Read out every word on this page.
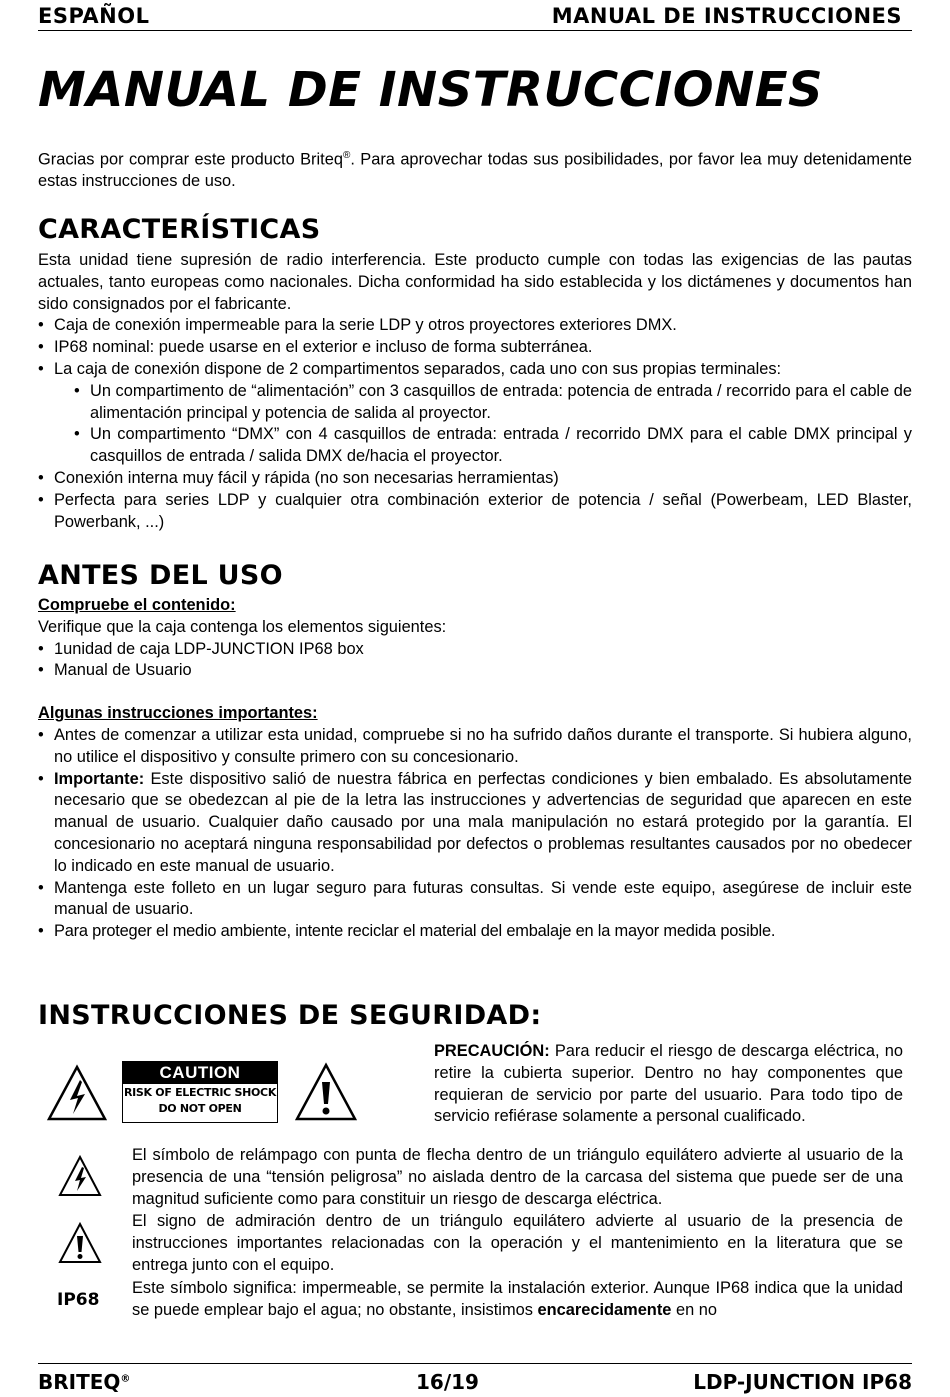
ESPAÑOL	MANUAL DE INSTRUCCIONES
MANUAL DE INSTRUCCIONES
Gracias por comprar este producto Briteq®. Para aprovechar todas sus posibilidades, por favor lea muy detenidamente estas instrucciones de uso.
CARACTERÍSTICAS
Esta unidad tiene supresión de radio interferencia. Este producto cumple con todas las exigencias de las pautas actuales, tanto europeas como nacionales. Dicha conformidad ha sido establecida y los dictámenes y documentos han sido consignados por el fabricante.
• Caja de conexión impermeable para la serie LDP y otros proyectores exteriores DMX.
• IP68 nominal: puede usarse en el exterior e incluso de forma subterránea.
• La caja de conexión dispone de 2 compartimentos separados, cada uno con sus propias terminales:
• Un compartimento de “alimentación” con 3 casquillos de entrada: potencia de entrada / recorrido para el cable de alimentación principal y potencia de salida al proyector.
• Un compartimento “DMX” con 4 casquillos de entrada: entrada / recorrido DMX para el cable DMX principal y casquillos de entrada / salida DMX de/hacia el proyector.
• Conexión interna muy fácil y rápida (no son necesarias herramientas)
• Perfecta para series LDP y cualquier otra combinación exterior de potencia / señal (Powerbeam, LED Blaster, Powerbank, ...)
ANTES DEL USO
Compruebe el contenido:
Verifique que la caja contenga los elementos siguientes:
• 1unidad de caja LDP-JUNCTION IP68 box
• Manual de Usuario
Algunas instrucciones importantes:
• Antes de comenzar a utilizar esta unidad, compruebe si no ha sufrido daños durante el transporte. Si hubiera alguno, no utilice el dispositivo y consulte primero con su concesionario.
• Importante: Este dispositivo salió de nuestra fábrica en perfectas condiciones y bien embalado. Es absolutamente necesario que se obedezcan al pie de la letra las instrucciones y advertencias de seguridad que aparecen en este manual de usuario. Cualquier daño causado por una mala manipulación no estará protegido por la garantía. El concesionario no aceptará ninguna responsabilidad por defectos o problemas resultantes causados por no obedecer lo indicado en este manual de usuario.
• Mantenga este folleto en un lugar seguro para futuras consultas. Si vende este equipo, asegúrese de incluir este manual de usuario.
• Para proteger el medio ambiente, intente reciclar el material del embalaje en la mayor medida posible.
INSTRUCCIONES DE SEGURIDAD:
CAUTION
RISK OF ELECTRIC SHOCK
DO NOT OPEN
PRECAUCIÓN: Para reducir el riesgo de descarga eléctrica, no retire la cubierta superior. Dentro no hay componentes que requieran de servicio por parte del usuario. Para todo tipo de servicio refiérase solamente a personal cualificado.
El símbolo de relámpago con punta de flecha dentro de un triángulo equilátero advierte al usuario de la presencia de una “tensión peligrosa” no aislada dentro de la carcasa del sistema que puede ser de una magnitud suficiente como para constituir un riesgo de descarga eléctrica.
El signo de admiración dentro de un triángulo equilátero advierte al usuario de la presencia de instrucciones importantes relacionadas con la operación y el mantenimiento en la literatura que se entrega junto con el equipo.
IP68
Este símbolo significa: impermeable, se permite la instalación exterior. Aunque IP68 indica que la unidad se puede emplear bajo el agua; no obstante, insistimos encarecidamente en no
BRITEQ®	16/19	LDP-JUNCTION IP68
